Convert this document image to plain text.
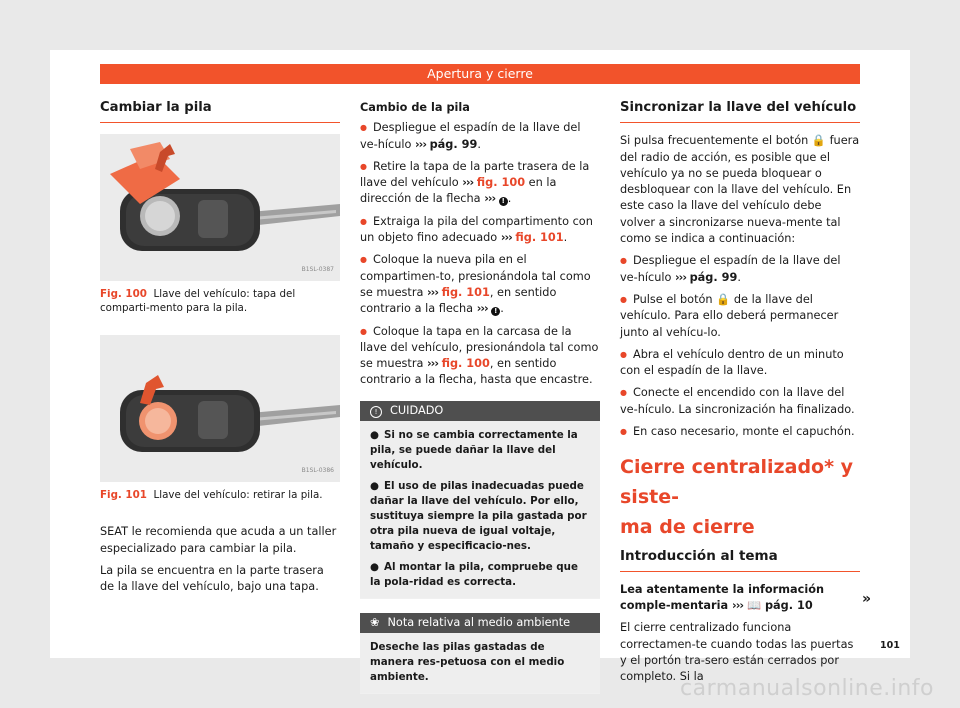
Apertura y cierre
Cambiar la pila
B1SL-0387
Fig. 100 Llave del vehículo: tapa del comparti-mento para la pila.
B1SL-0386
Fig. 101 Llave del vehículo: retirar la pila.

SEAT le recomienda que acuda a un taller especializado para cambiar la pila.

La pila se encuentra en la parte trasera de la llave del vehículo, bajo una tapa.

Cambio de la pila

● Despliegue el espadín de la llave del ve-hículo ››› pág. 99.

● Retire la tapa de la parte trasera de la llave del vehículo ››› fig. 100 en la dirección de la flecha ››› ! .

● Extraiga la pila del compartimento con un objeto fino adecuado ››› fig. 101.

● Coloque la nueva pila en el compartimen-to, presionándola tal como se muestra ››› fig. 101, en sentido contrario a la flecha ››› ! .

● Coloque la tapa en la carcasa de la llave del vehículo, presionándola tal como se muestra ››› fig. 100, en sentido contrario a la flecha, hasta que encastre.

! CUIDADO

● Si no se cambia correctamente la pila, se puede dañar la llave del vehículo.

● El uso de pilas inadecuadas puede dañar la llave del vehículo. Por ello, sustituya siempre la pila gastada por otra pila nueva de igual voltaje, tamaño y especificacio-nes.

● Al montar la pila, compruebe que la pola-ridad es correcta.

❀ Nota relativa al medio ambiente
Deseche las pilas gastadas de manera res-petuosa con el medio ambiente.
Sincronizar la llave del vehículo

Si pulsa frecuentemente el botón 🔒 fuera del radio de acción, es posible que el vehículo ya no se pueda bloquear o desbloquear con la llave del vehículo. En este caso la llave del vehículo debe volver a sincronizarse nueva-mente tal como se indica a continuación:

● Despliegue el espadín de la llave del ve-hículo ››› pág. 99.

● Pulse el botón 🔒 de la llave del vehículo. Para ello deberá permanecer junto al vehícu-lo.

● Abra el vehículo dentro de un minuto con el espadín de la llave.

● Conecte el encendido con la llave del ve-hículo. La sincronización ha finalizado.

● En caso necesario, monte el capuchón.

Cierre centralizado* y siste-
ma de cierre
Introducción al tema

Lea atentamente la información comple-mentaria ››› 📖 pág. 10

El cierre centralizado funciona correctamen-te cuando todas las puertas y el portón tra-sero están cerrados por completo. Si la

»
101
carmanualsonline.info
